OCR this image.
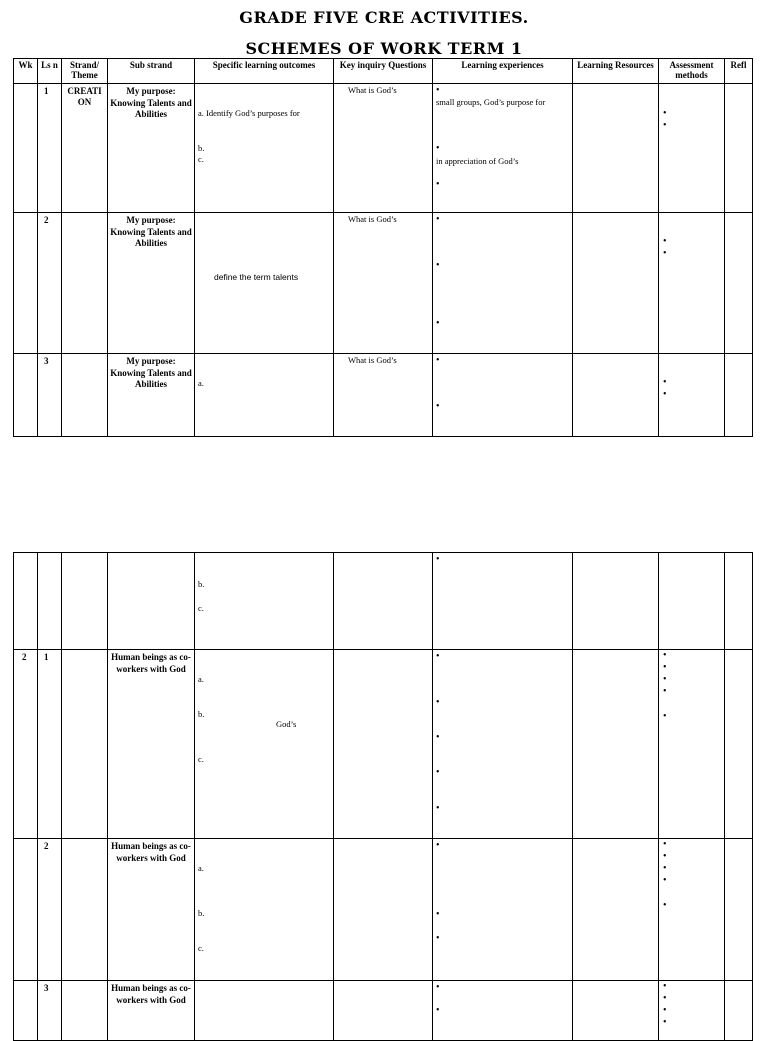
GRADE FIVE CRE ACTIVITIES.
SCHEMES OF WORK TERM 1
Wk	Ls n	Strand/ Theme	Sub strand	Specific learning outcomes	Key inquiry Questions	Learning experiences	Learning Resources	Assessment methods	Refl

	1	CREATI ON	My purpose: Knowing Talents and Abilities	a. Identify God’s purposes for
b.
c.	What is God’s	•
small groups, God’s purpose for
•
in appreciation of God’s
•		•
•	

	2		My purpose: Knowing Talents and Abilities	define the term talents	What is God’s	•
•
•		•
•	

	3		My purpose: Knowing Talents and Abilities	a.	What is God’s	•
•		•
•	

				b.
c.		•			

2	1		Human beings as co-workers with God	a.
b.
God’s
c.		•
•
•
•
•		•
•
•
•
•	

	2		Human beings as co-workers with God	a.
b.
c.		•
•
•		•
•
•
•
•	

	3		Human beings as co-workers with God			•
•		•
•
•
•	
